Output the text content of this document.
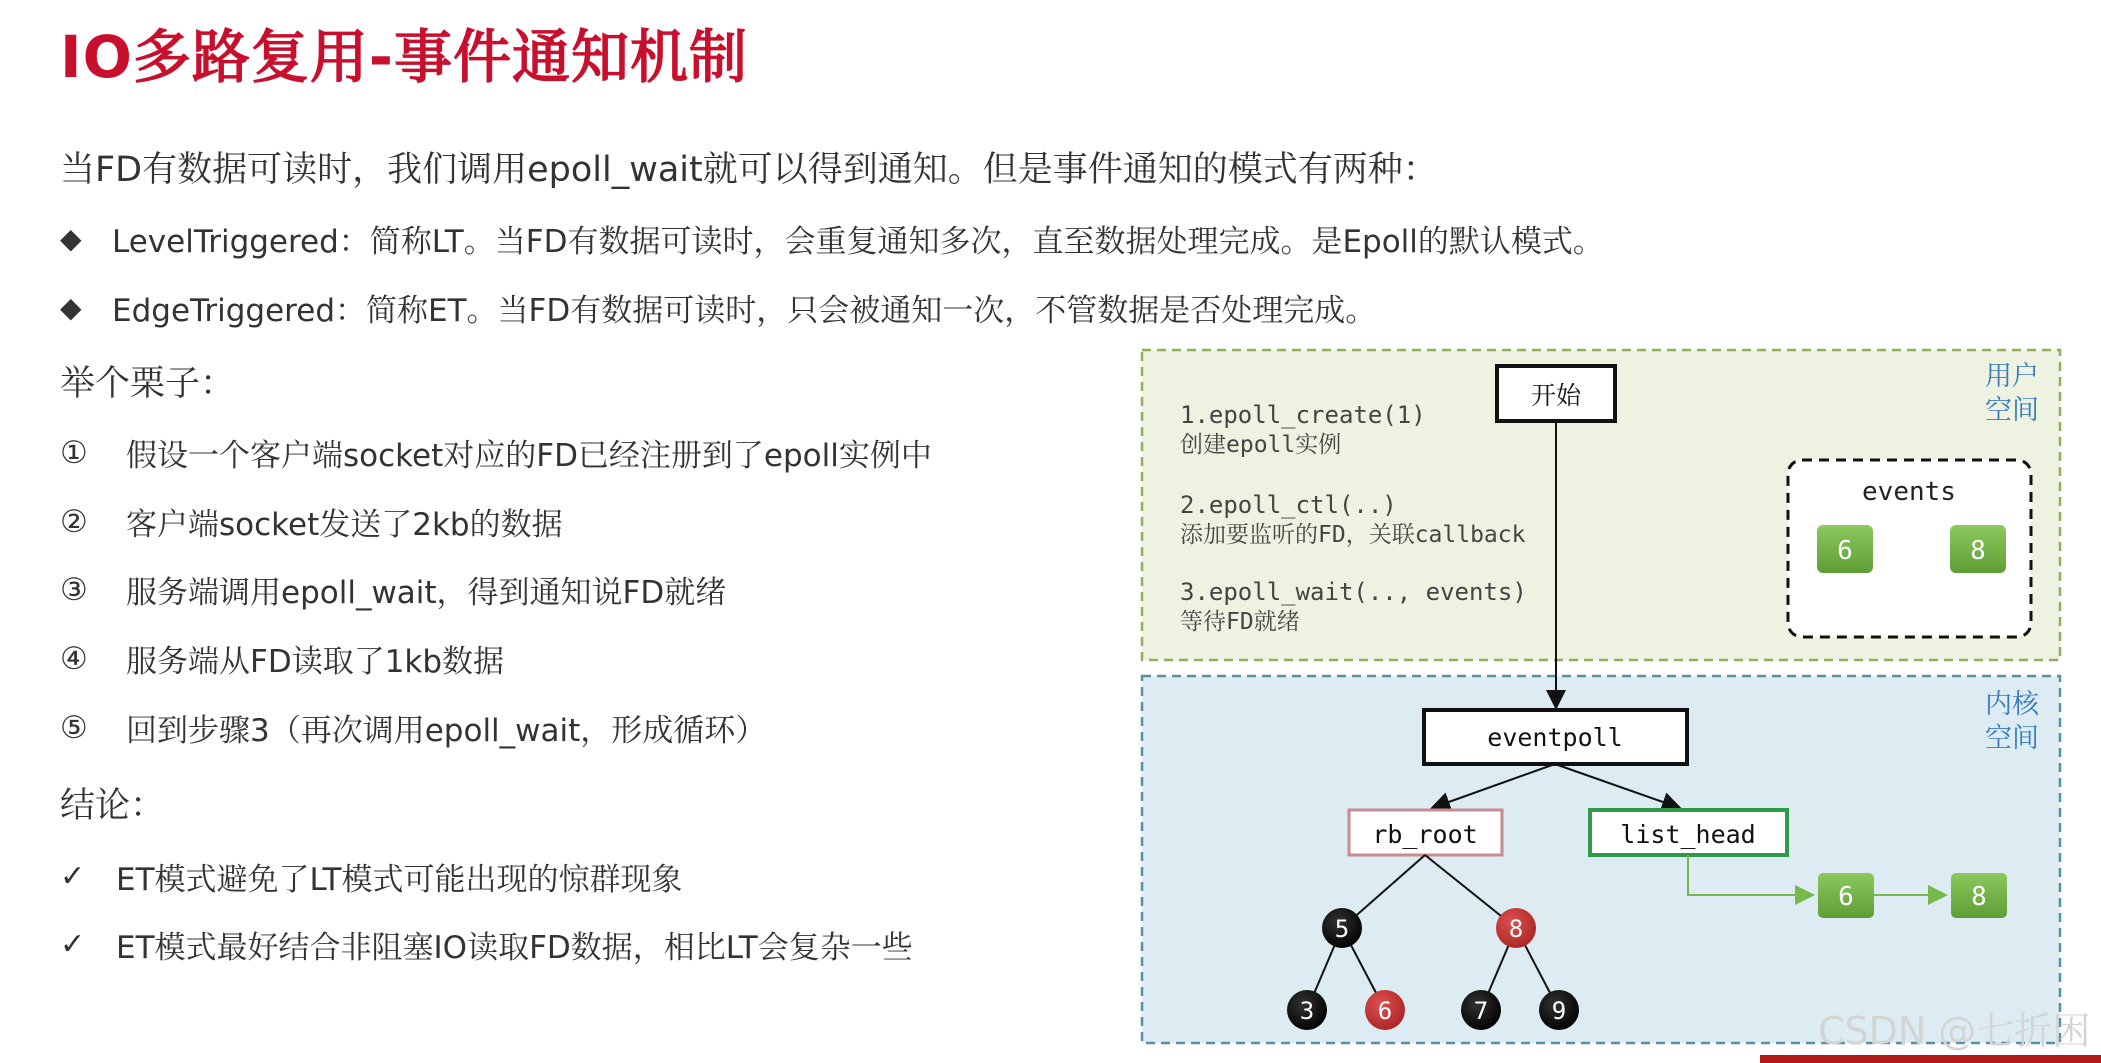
IO多路复用-事件通知机制
当FD有数据可读时，我们调用epoll_wait就可以得到通知。但是事件通知的模式有两种：
◆ LevelTriggered：简称LT。当FD有数据可读时，会重复通知多次，直至数据处理完成。是Epoll的默认模式。
◆ EdgeTriggered：简称ET。当FD有数据可读时，只会被通知一次，不管数据是否处理完成。
举个栗子：
①	假设一个客户端socket对应的FD已经注册到了epoll实例中
②	客户端socket发送了2kb的数据
③	服务端调用epoll_wait，得到通知说FD就绪
④	服务端从FD读取了1kb数据
⑤	回到步骤3（再次调用epoll_wait，形成循环）
结论：
✓ ET模式避免了LT模式可能出现的惊群现象
✓ ET模式最好结合非阻塞IO读取FD数据，相比LT会复杂一些
用户
空间
内核
空间
开始
1.epoll_create(1)
创建epoll实例
2.epoll_ctl(..)
添加要监听的FD，关联callback
3.epoll_wait(.., events)
等待FD就绪
events
6	8
eventpoll
rb_root	list_head
6	8
5	8
3	6	7	9	CSDN @七折困
